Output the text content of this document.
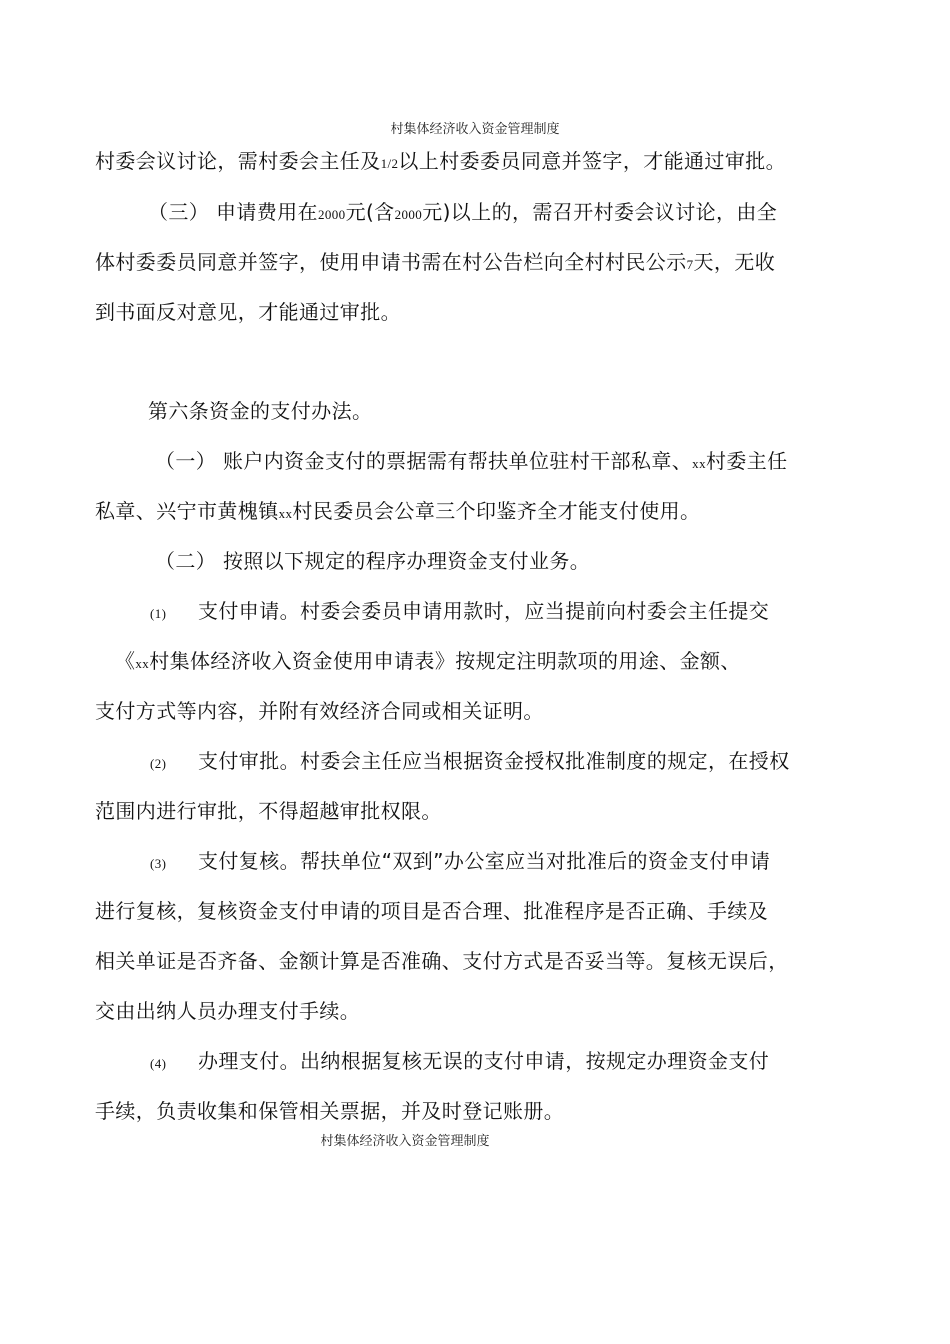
村集体经济收入资金管理制度
村委会议讨论，需村委会主任及1/2以上村委委员同意并签字，才能通过审批。
（三） 申请费用在2000元(含2000元)以上的，需召开村委会议讨论，由全
体村委委员同意并签字，使用申请书需在村公告栏向全村村民公示7天，无收
到书面反对意见，才能通过审批。
第六条资金的支付办法。
（一） 账户内资金支付的票据需有帮扶单位驻村干部私章、xx村委主任
私章、兴宁市黄槐镇xx村民委员会公章三个印鉴齐全才能支付使用。
（二） 按照以下规定的程序办理资金支付业务。
(1) 支付申请。村委会委员申请用款时，应当提前向村委会主任提交
《xx村集体经济收入资金使用申请表》按规定注明款项的用途、金额、
支付方式等内容，并附有效经济合同或相关证明。
(2) 支付审批。村委会主任应当根据资金授权批准制度的规定，在授权
范围内进行审批，不得超越审批权限。
(3) 支付复核。帮扶单位“双到”办公室应当对批准后的资金支付申请
进行复核，复核资金支付申请的项目是否合理、批准程序是否正确、手续及
相关单证是否齐备、金额计算是否准确、支付方式是否妥当等。复核无误后，
交由出纳人员办理支付手续。
(4) 办理支付。出纳根据复核无误的支付申请，按规定办理资金支付
手续，负责收集和保管相关票据，并及时登记账册。
村集体经济收入资金管理制度
